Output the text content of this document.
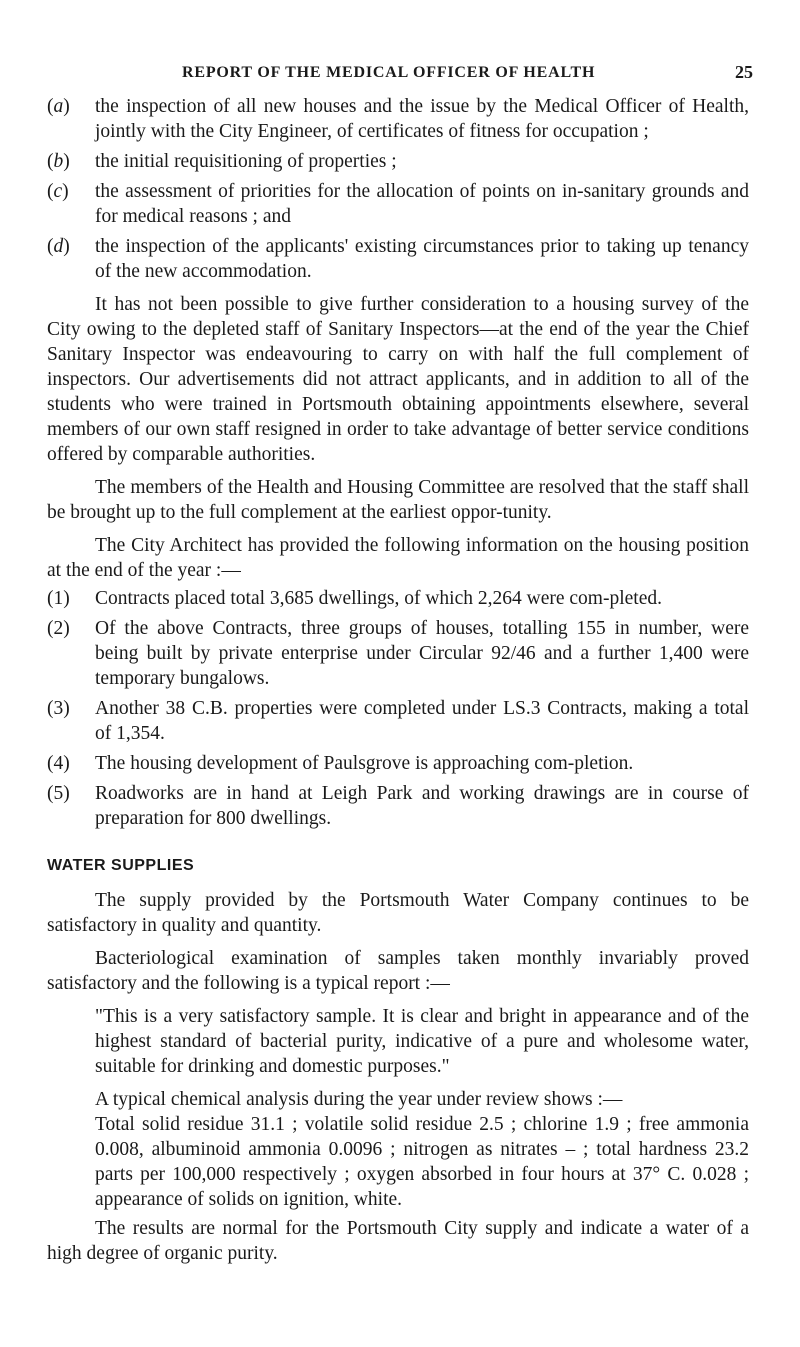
REPORT OF THE MEDICAL OFFICER OF HEALTH	25
(a)	the inspection of all new houses and the issue by the Medical Officer of Health, jointly with the City Engineer, of certificates of fitness for occupation ;
(b)	the initial requisitioning of properties ;
(c)	the assessment of priorities for the allocation of points on in-sanitary grounds and for medical reasons ; and
(d)	the inspection of the applicants' existing circumstances prior to taking up tenancy of the new accommodation.

It has not been possible to give further consideration to a housing survey of the City owing to the depleted staff of Sanitary Inspectors—at the end of the year the Chief Sanitary Inspector was endeavouring to carry on with half the full complement of inspectors. Our advertisements did not attract applicants, and in addition to all of the students who were trained in Portsmouth obtaining appointments elsewhere, several members of our own staff resigned in order to take advantage of better service conditions offered by comparable authorities.

The members of the Health and Housing Committee are resolved that the staff shall be brought up to the full complement at the earliest oppor-tunity.

The City Architect has provided the following information on the housing position at the end of the year :—

(1)	Contracts placed total 3,685 dwellings, of which 2,264 were com-pleted.
(2)	Of the above Contracts, three groups of houses, totalling 155 in number, were being built by private enterprise under Circular 92/46 and a further 1,400 were temporary bungalows.
(3)	Another 38 C.B. properties were completed under LS.3 Contracts, making a total of 1,354.
(4)	The housing development of Paulsgrove is approaching com-pletion.
(5)	Roadworks are in hand at Leigh Park and working drawings are in course of preparation for 800 dwellings.
WATER SUPPLIES

The supply provided by the Portsmouth Water Company continues to be satisfactory in quality and quantity.

Bacteriological examination of samples taken monthly invariably proved satisfactory and the following is a typical report :—

"This is a very satisfactory sample. It is clear and bright in appearance and of the highest standard of bacterial purity, indicative of a pure and wholesome water, suitable for drinking and domestic purposes."

A typical chemical analysis during the year under review shows :—

Total solid residue 31.1 ; volatile solid residue 2.5 ; chlorine 1.9 ; free ammonia 0.008, albuminoid ammonia 0.0096 ; nitrogen as nitrates – ; total hardness 23.2 parts per 100,000 respectively ; oxygen absorbed in four hours at 37° C. 0.028 ; appearance of solids on ignition, white.

The results are normal for the Portsmouth City supply and indicate a water of a high degree of organic purity.
